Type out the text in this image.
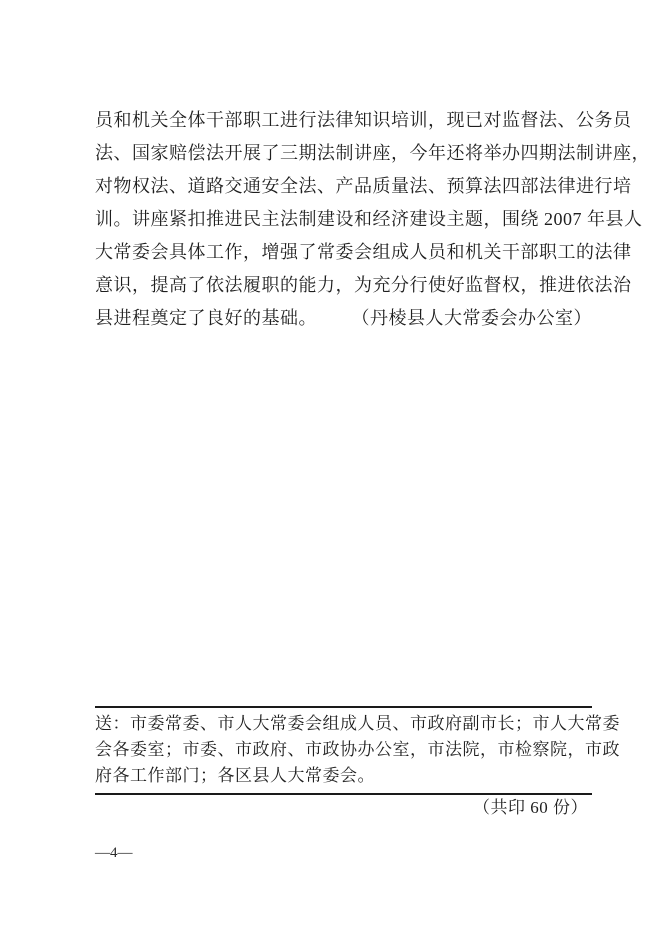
员和机关全体干部职工进行法律知识培训，现已对监督法、公务员
法、国家赔偿法开展了三期法制讲座，今年还将举办四期法制讲座，
对物权法、道路交通安全法、产品质量法、预算法四部法律进行培
训。讲座紧扣推进民主法制建设和经济建设主题，围绕 2007 年县人
大常委会具体工作，增强了常委会组成人员和机关干部职工的法律
意识，提高了依法履职的能力，为充分行使好监督权，推进依法治
县进程奠定了良好的基础。 （丹棱县人大常委会办公室）
送：市委常委、市人大常委会组成人员、市政府副市长；市人大常委
会各委室；市委、市政府、市政协办公室，市法院，市检察院，市政
府各工作部门；各区县人大常委会。
（共印 60 份）
—4—
